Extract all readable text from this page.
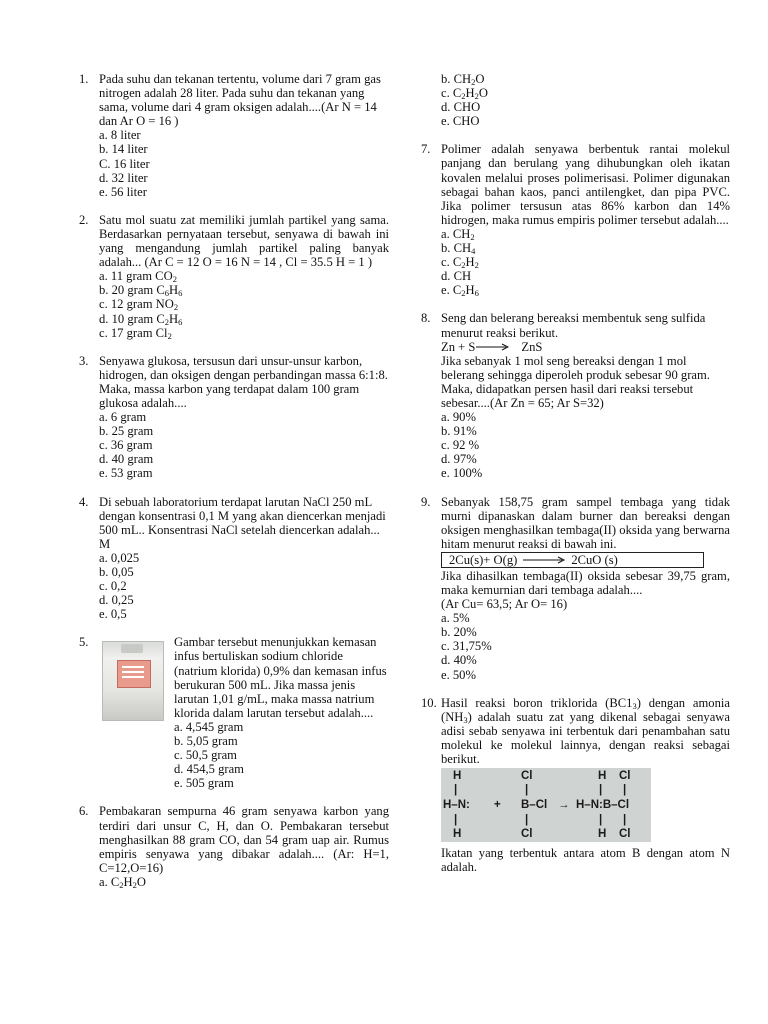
1. Pada suhu dan tekanan tertentu, volume dari 7 gram gas nitrogen adalah 28 liter. Pada suhu dan tekanan yang sama, volume dari 4 gram oksigen adalah....(Ar N = 14 dan Ar O = 16 )

a. 8 liter
b. 14 liter
C. 16 liter
d. 32 liter
e. 56 liter
2. Satu mol suatu zat memiliki jumlah partikel yang sama. Berdasarkan pernyataan tersebut, senyawa di bawah ini yang mengandung jumlah partikel paling banyak adalah... (Ar C = 12 O = 16 N = 14 , Cl = 35.5 H = 1 )

a. 11 gram $CO_2$
b. 20 gram $C_6H_6$
c. 12 gram $NO_2$
d. 10 gram $C_2H_6$
c. 17 gram $Cl_2$
3. Senyawa glukosa, tersusun dari unsur-unsur karbon, hidrogen, dan oksigen dengan perbandingan massa 6:1:8. Maka, massa karbon yang terdapat dalam 100 gram glukosa adalah....

a. 6 gram
b. 25 gram
c. 36 gram
d. 40 gram
e. 53 gram
4. Di sebuah laboratorium terdapat larutan NaCl 250 mL dengan konsentrasi 0,1 M yang akan diencerkan menjadi 500 mL.. Konsentrasi NaCl setelah diencerkan adalah... M

a. 0,025
b. 0,05
c. 0,2
d. 0,25
e. 0,5
5.	Gambar tersebut menunjukkan kemasan infus bertuliskan sodium chloride (natrium klorida) 0,9% dan kemasan infus berukuran 500 mL. Jika massa jenis larutan 1,01 g/mL, maka massa natrium klorida dalam larutan tersebut adalah....

a. 4,545 gram
b. 5,05 gram
c. 50,5 gram
d. 454,5 gram
e. 505 gram
6. Pembakaran sempurna 46 gram senyawa karbon yang terdiri dari unsur C, H, dan O. Pembakaran tersebut menghasilkan 88 gram CO, dan 54 gram uap air. Rumus empiris senyawa yang dibakar adalah.... (Ar: H=1, C=12,O=16)

a. $C_2H_2O$
b. $CH_2O$
c. $C_2H_2O$
d. CHO
e. CHO
7. Polimer adalah senyawa berbentuk rantai molekul panjang dan berulang yang dihubungkan oleh ikatan kovalen melalui proses polimerisasi. Polimer digunakan sebagai bahan kaos, panci antilengket, dan pipa PVC. Jika polimer tersusun atas 86% karbon dan 14% hidrogen, maka rumus empiris polimer tersebut adalah....

a. $CH_2$
b. $CH_4$
c. $C_2H_2$
d. CH
e. $C_2H_6$
8. Seng dan belerang bereaksi membentuk seng sulfida menurut reaksi berikut.

Zn + S → ZnS

Jika sebanyak 1 mol seng bereaksi dengan 1 mol belerang sehingga diperoleh produk sebesar 90 gram. Maka, didapatkan persen hasil dari reaksi tersebut sebesar....(Ar Zn = 65; Ar S=32)

a. 90%
b. 91%
c. 92 %
d. 97%
e. 100%
9. Sebanyak 158,75 gram sampel tembaga yang tidak murni dipanaskan dalam burner dan bereaksi dengan oksigen menghasilkan tembaga(II) oksida yang berwarna hitam menurut reaksi di bawah ini.

2Cu(s)+ O(g) → 2CuO (s)

Jika dihasilkan tembaga(II) oksida sebesar 39,75 gram, maka kemurnian dari tembaga adalah....

(Ar Cu= 63,5; Ar O= 16)

a. 5%
b. 20%
c. 31,75%
d. 40%
e. 50%
10. Hasil reaksi boron triklorida $(BC1_3)$ dengan amonia $(NH_3)$ adalah suatu zat yang dikenal sebagai senyawa adisi sebab senyawa ini terbentuk dari penambahan satu molekul ke molekul lainnya, dengan reaksi sebagai berikut.

H	Cl	H Cl
|	|	| |
H–N: + B–Cl → H–N:B–Cl
|	|	| |
H	Cl	H Cl

Ikatan yang terbentuk antara atom B dengan atom N adalah.
